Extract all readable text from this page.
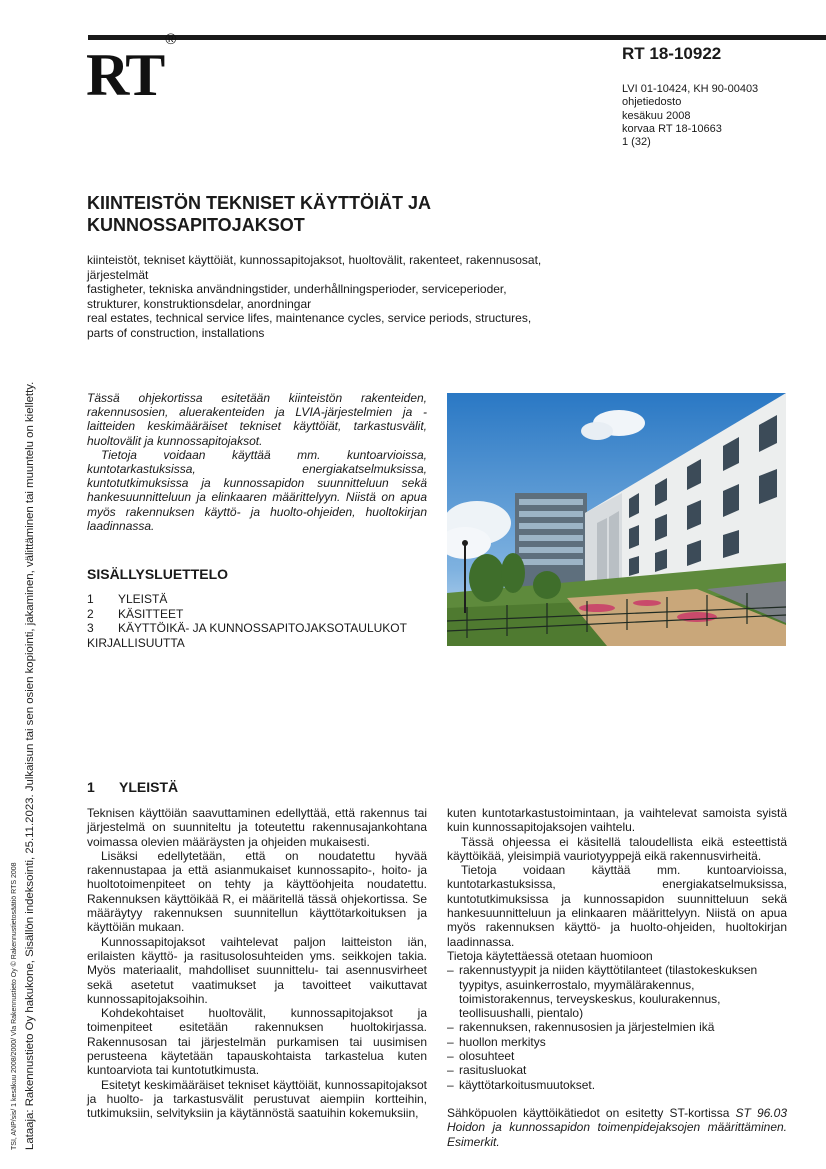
RT®
RT 18-10922
LVI 01-10424, KH 90-00403
ohjetiedosto
kesäkuu 2008
korvaa RT 18-10663
1 (32)
KIINTEISTÖN TEKNISET KÄYTTÖIÄT JA
KUNNOSSAPITOJAKSOT
kiinteistöt, tekniset käyttöiät, kunnossapitojaksot, huoltovälit, rakenteet, rakennusosat,
järjestelmät
fastigheter, tekniska användningstider, underhållningsperioder, serviceperioder,
strukturer, konstruktionsdelar, anordningar
real estates, technical service lifes, maintenance cycles, service periods, structures,
parts of construction, installations

Tässä ohjekortissa esitetään kiinteistön rakenteiden, rakennusosien, aluerakenteiden ja LVIA-järjestelmien ja -laitteiden keskimääräiset tekniset käyttöiät, tarkastusvälit, huoltovälit ja kunnossapitojaksot.

Tietoja voidaan käyttää mm. kuntoarvioissa, kuntotarkastuksissa, energiakatselmuksissa, kuntotutkimuksissa ja kunnossapidon suunnitteluun sekä hankesuunnitteluun ja elinkaaren määrittelyyn. Niistä on apua myös rakennuksen käyttö- ja huolto-ohjeiden, huoltokirjan laadinnassa.

SISÄLLYSLUETTELO
1	YLEISTÄ
2	KÄSITTEET
3	KÄYTTÖIKÄ- JA KUNNOSSAPITOJAKSOTAULUKOT
KIRJALLISUUTTA
1 YLEISTÄ

Teknisen käyttöiän saavuttaminen edellyttää, että rakennus tai järjestelmä on suunniteltu ja toteutettu rakennusajankohtana voimassa olevien määräysten ja ohjeiden mukaisesti.

Lisäksi edellytetään, että on noudatettu hyvää rakennustapaa ja että asianmukaiset kunnossapito-, hoito- ja huoltotoimenpiteet on tehty ja käyttöohjeita noudatettu. Rakennuksen käyttöikää R, ei määritellä tässä ohjekortissa. Se määräytyy rakennuksen suunnitellun käyttötarkoituksen ja käyttöiän mukaan.

Kunnossapitojaksot vaihtelevat paljon laitteiston iän, erilaisten käyttö- ja rasitusolosuhteiden yms. seikkojen takia. Myös materiaalit, mahdolliset suunnittelu- tai asennusvirheet sekä asetetut vaatimukset ja tavoitteet vaikuttavat kunnossapitojaksoihin.

Kohdekohtaiset huoltovälit, kunnossapitojaksot ja toimenpiteet esitetään rakennuksen huoltokirjassa. Rakennusosan tai järjestelmän purkamisen tai uusimisen perusteena käytetään tapauskohtaista tarkastelua kuten kuntoarviota tai kuntotutkimusta.

Esitetyt keskimääräiset tekniset käyttöiät, kunnossapitojaksot ja huolto- ja tarkastusvälit perustuvat aiempiin kortteihin, tutkimuksiin, selvityksiin ja käytännöstä saatuihin kokemuksiin,

kuten kuntotarkastustoimintaan, ja vaihtelevat samoista syistä kuin kunnossapitojaksojen vaihtelu.

Tässä ohjeessa ei käsitellä taloudellista eikä esteettistä käyttöikää, yleisimpiä vauriotyyppejä eikä rakennusvirheitä.

Tietoja voidaan käyttää mm. kuntoarvioissa, kuntotarkastuksissa, energiakatselmuksissa, kuntotutkimuksissa ja kunnossapidon suunnitteluun sekä hankesuunnitteluun ja elinkaaren määrittelyyn. Niistä on apua myös rakennuksen käyttö- ja huolto-ohjeiden, huoltokirjan laadinnassa.

Tietoja käytettäessä otetaan huomioon

– rakennustyypit ja niiden käyttötilanteet (tilastokeskuksen tyypitys, asuinkerrostalo, myymälärakennus, toimistorakennus, terveyskeskus, koulurakennus, teollisuushalli, pientalo)
– rakennuksen, rakennusosien ja järjestelmien ikä
– huollon merkitys
– olosuhteet
– rasitusluokat
– käyttötarkoitusmuutokset.

Sähköpuolen käyttöikätiedot on esitetty ST-kortissa ST 96.03 Hoidon ja kunnossapidon toimenpidejaksojen määrittäminen. Esimerkit.

TSI, ANP/sis/ 1 kesäkuu 2008/2000/ Vla Rakennustieto Oy © Rakennustietosäätiö RTS 2008 Lataaja: Rakennustieto Oy hakukone, Sisällön indeksointi, 25.11.2023. Julkaisun tai sen osien kopiointi, jakaminen, välittäminen tai muuntelu on kielletty.
